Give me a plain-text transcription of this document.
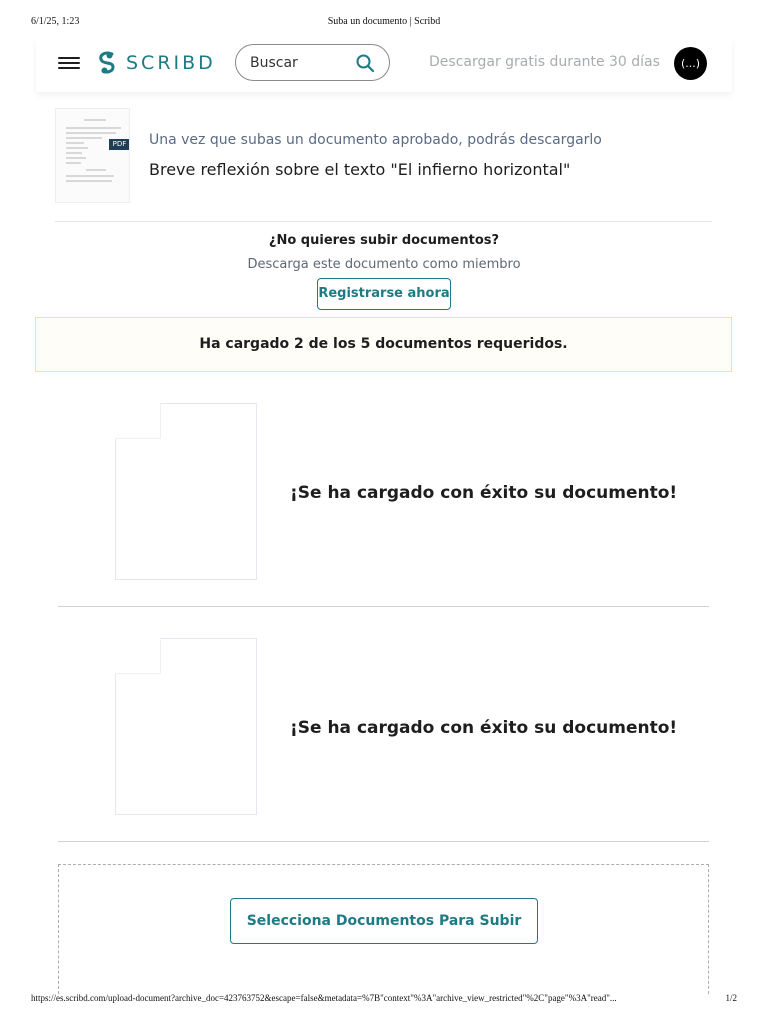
6/1/25, 1:23	Suba un documento | Scribd
SCRIBD
Buscar	Descargar gratis durante 30 días	(...)
PDF Una vez que subas un documento aprobado, podrás descargarlo
Breve reflexión sobre el texto "El infierno horizontal"
¿No quieres subir documentos?
Descarga este documento como miembro
Registrarse ahora
Ha cargado 2 de los 5 documentos requeridos.
¡Se ha cargado con éxito su documento!
¡Se ha cargado con éxito su documento!
Selecciona Documentos Para Subir
https://es.scribd.com/upload-document?archive_doc=423763752&escape=false&metadata=%7B"context"%3A"archive_view_restricted"%2C"page"%3A"read"...	1/2
